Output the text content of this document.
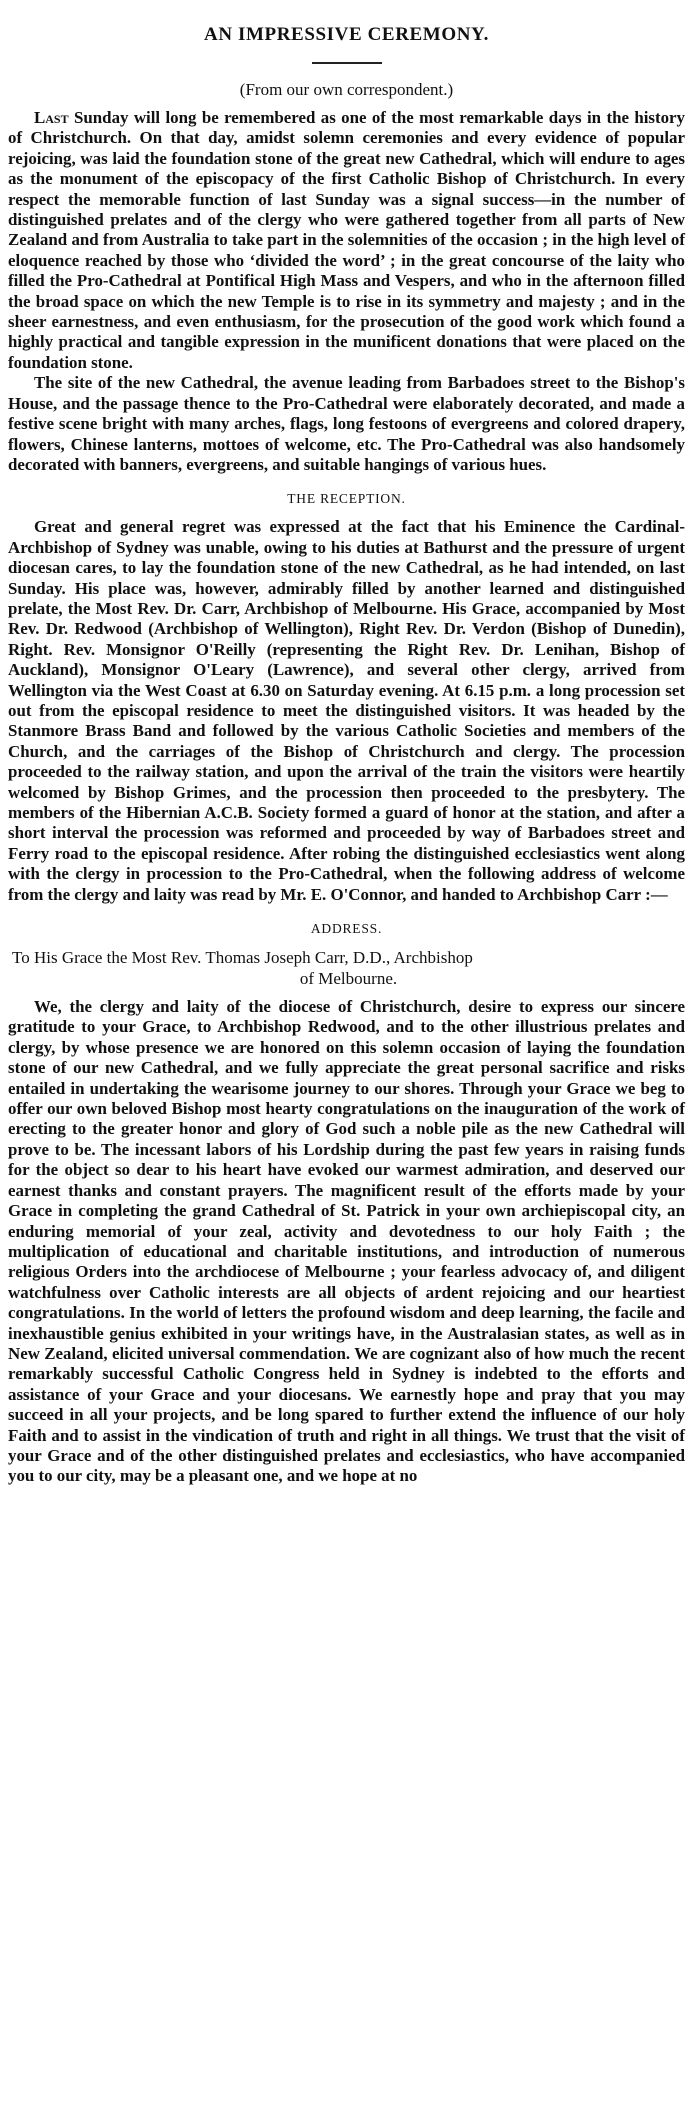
AN IMPRESSIVE CEREMONY.
(From our own correspondent.)

Last Sunday will long be remembered as one of the most remarkable days in the history of Christchurch. On that day, amidst solemn ceremonies and every evidence of popular rejoicing, was laid the foundation stone of the great new Cathedral, which will endure to ages as the monument of the episcopacy of the first Catholic Bishop of Christchurch. In every respect the memorable function of last Sunday was a signal success—in the number of distinguished prelates and of the clergy who were gathered together from all parts of New Zealand and from Australia to take part in the solemnities of the occasion ; in the high level of eloquence reached by those who ‘divided the word’ ; in the great concourse of the laity who filled the Pro-Cathedral at Pontifical High Mass and Vespers, and who in the afternoon filled the broad space on which the new Temple is to rise in its symmetry and majesty ; and in the sheer earnestness, and even enthusiasm, for the prosecution of the good work which found a highly practical and tangible expression in the munificent donations that were placed on the foundation stone.

The site of the new Cathedral, the avenue leading from Barbadoes street to the Bishop's House, and the passage thence to the Pro-Cathedral were elaborately decorated, and made a festive scene bright with many arches, flags, long festoons of evergreens and colored drapery, flowers, Chinese lanterns, mottoes of welcome, etc. The Pro-Cathedral was also handsomely decorated with banners, evergreens, and suitable hangings of various hues.

THE RECEPTION.

Great and general regret was expressed at the fact that his Eminence the Cardinal-Archbishop of Sydney was unable, owing to his duties at Bathurst and the pressure of urgent diocesan cares, to lay the foundation stone of the new Cathedral, as he had intended, on last Sunday. His place was, however, admirably filled by another learned and distinguished prelate, the Most Rev. Dr. Carr, Archbishop of Melbourne. His Grace, accompanied by Most Rev. Dr. Redwood (Archbishop of Wellington), Right Rev. Dr. Verdon (Bishop of Dunedin), Right. Rev. Monsignor O'Reilly (representing the Right Rev. Dr. Lenihan, Bishop of Auckland), Monsignor O'Leary (Lawrence), and several other clergy, arrived from Wellington via the West Coast at 6.30 on Saturday evening. At 6.15 p.m. a long procession set out from the episcopal residence to meet the distinguished visitors. It was headed by the Stanmore Brass Band and followed by the various Catholic Societies and members of the Church, and the carriages of the Bishop of Christchurch and clergy. The procession proceeded to the railway station, and upon the arrival of the train the visitors were heartily welcomed by Bishop Grimes, and the procession then proceeded to the presbytery. The members of the Hibernian A.C.B. Society formed a guard of honor at the station, and after a short interval the procession was reformed and proceeded by way of Barbadoes street and Ferry road to the episcopal residence. After robing the distinguished ecclesiastics went along with the clergy in procession to the Pro-Cathedral, when the following address of welcome from the clergy and laity was read by Mr. E. O'Connor, and handed to Archbishop Carr :—

ADDRESS.
To His Grace the Most Rev. Thomas Joseph Carr, D.D., Archbishop
of Melbourne.

We, the clergy and laity of the diocese of Christchurch, desire to express our sincere gratitude to your Grace, to Archbishop Redwood, and to the other illustrious prelates and clergy, by whose presence we are honored on this solemn occasion of laying the foundation stone of our new Cathedral, and we fully appreciate the great personal sacrifice and risks entailed in undertaking the wearisome journey to our shores. Through your Grace we beg to offer our own beloved Bishop most hearty congratulations on the inauguration of the work of erecting to the greater honor and glory of God such a noble pile as the new Cathedral will prove to be. The incessant labors of his Lordship during the past few years in raising funds for the object so dear to his heart have evoked our warmest admiration, and deserved our earnest thanks and constant prayers. The magnificent result of the efforts made by your Grace in completing the grand Cathedral of St. Patrick in your own archiepiscopal city, an enduring memorial of your zeal, activity and devotedness to our holy Faith ; the multiplication of educational and charitable institutions, and introduction of numerous religious Orders into the archdiocese of Melbourne ; your fearless advocacy of, and diligent watchfulness over Catholic interests are all objects of ardent rejoicing and our heartiest congratulations. In the world of letters the profound wisdom and deep learning, the facile and inexhaustible genius exhibited in your writings have, in the Australasian states, as well as in New Zealand, elicited universal commendation. We are cognizant also of how much the recent remarkably successful Catholic Congress held in Sydney is indebted to the efforts and assistance of your Grace and your diocesans. We earnestly hope and pray that you may succeed in all your projects, and be long spared to further extend the influence of our holy Faith and to assist in the vindication of truth and right in all things. We trust that the visit of your Grace and of the other distinguished prelates and ecclesiastics, who have accompanied you to our city, may be a pleasant one, and we hope at no
